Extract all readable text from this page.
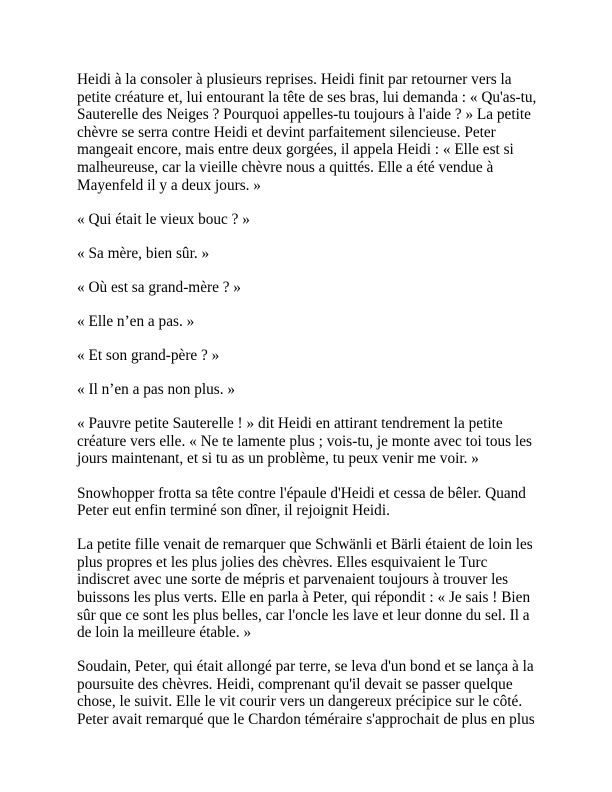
Heidi à la consoler à plusieurs reprises. Heidi finit par retourner vers la petite créature et, lui entourant la tête de ses bras, lui demanda : « Qu'as-tu, Sauterelle des Neiges ? Pourquoi appelles-tu toujours à l'aide ? » La petite chèvre se serra contre Heidi et devint parfaitement silencieuse. Peter mangeait encore, mais entre deux gorgées, il appela Heidi : « Elle est si malheureuse, car la vieille chèvre nous a quittés. Elle a été vendue à Mayenfeld il y a deux jours. »

« Qui était le vieux bouc ? »

« Sa mère, bien sûr. »

« Où est sa grand-mère ? »

« Elle n’en a pas. »

« Et son grand-père ? »

« Il n’en a pas non plus. »

« Pauvre petite Sauterelle ! » dit Heidi en attirant tendrement la petite créature vers elle. « Ne te lamente plus ; vois-tu, je monte avec toi tous les jours maintenant, et si tu as un problème, tu peux venir me voir. »

Snowhopper frotta sa tête contre l'épaule d'Heidi et cessa de bêler. Quand Peter eut enfin terminé son dîner, il rejoignit Heidi.

La petite fille venait de remarquer que Schwänli et Bärli étaient de loin les plus propres et les plus jolies des chèvres. Elles esquivaient le Turc indiscret avec une sorte de mépris et parvenaient toujours à trouver les buissons les plus verts. Elle en parla à Peter, qui répondit : « Je sais ! Bien sûr que ce sont les plus belles, car l'oncle les lave et leur donne du sel. Il a de loin la meilleure étable. »

Soudain, Peter, qui était allongé par terre, se leva d'un bond et se lança à la poursuite des chèvres. Heidi, comprenant qu'il devait se passer quelque chose, le suivit. Elle le vit courir vers un dangereux précipice sur le côté. Peter avait remarqué que le Chardon téméraire s'approchait de plus en plus
